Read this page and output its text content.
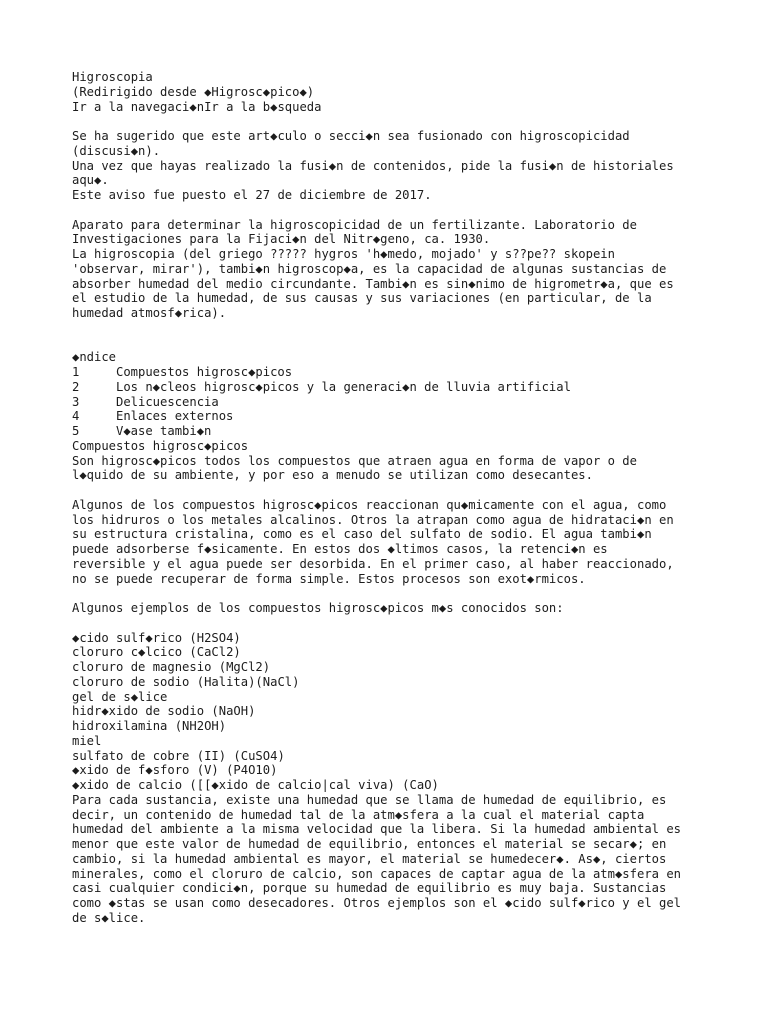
Higroscopia
(Redirigido desde ◆Higrosc◆pico◆)
Ir a la navegaci◆nIr a la b◆squeda
Se ha sugerido que este art◆culo o secci◆n sea fusionado con higroscopicidad
(discusi◆n).
Una vez que hayas realizado la fusi◆n de contenidos, pide la fusi◆n de historiales
aqu◆.
Este aviso fue puesto el 27 de diciembre de 2017.
Aparato para determinar la higroscopicidad de un fertilizante. Laboratorio de
Investigaciones para la Fijaci◆n del Nitr◆geno, ca. 1930.
La higroscopia (del griego ????? hygros 'h◆medo, mojado' y s??pe?? skopein
'observar, mirar'), tambi◆n higroscop◆a, es la capacidad de algunas sustancias de
absorber humedad del medio circundante. Tambi◆n es sin◆nimo de higrometr◆a, que es
el estudio de la humedad, de sus causas y sus variaciones (en particular, de la
humedad atmosf◆rica).
◆ndice
1	Compuestos higrosc◆picos
2	Los n◆cleos higrosc◆picos y la generaci◆n de lluvia artificial
3	Delicuescencia
4	Enlaces externos
5	V◆ase tambi◆n
Compuestos higrosc◆picos
Son higrosc◆picos todos los compuestos que atraen agua en forma de vapor o de
l◆quido de su ambiente, y por eso a menudo se utilizan como desecantes.
Algunos de los compuestos higrosc◆picos reaccionan qu◆micamente con el agua, como
los hidruros o los metales alcalinos. Otros la atrapan como agua de hidrataci◆n en
su estructura cristalina, como es el caso del sulfato de sodio. El agua tambi◆n
puede adsorberse f◆sicamente. En estos dos ◆ltimos casos, la retenci◆n es
reversible y el agua puede ser desorbida. En el primer caso, al haber reaccionado,
no se puede recuperar de forma simple. Estos procesos son exot◆rmicos.
Algunos ejemplos de los compuestos higrosc◆picos m◆s conocidos son:
◆cido sulf◆rico (H2SO4)
cloruro c◆lcico (CaCl2)
cloruro de magnesio (MgCl2)
cloruro de sodio (Halita)(NaCl)
gel de s◆lice
hidr◆xido de sodio (NaOH)
hidroxilamina (NH2OH)
miel
sulfato de cobre (II) (CuSO4)
◆xido de f◆sforo (V) (P4O10)
◆xido de calcio ([[◆xido de calcio|cal viva) (CaO)
Para cada sustancia, existe una humedad que se llama de humedad de equilibrio, es
decir, un contenido de humedad tal de la atm◆sfera a la cual el material capta
humedad del ambiente a la misma velocidad que la libera. Si la humedad ambiental es
menor que este valor de humedad de equilibrio, entonces el material se secar◆; en
cambio, si la humedad ambiental es mayor, el material se humedecer◆. As◆, ciertos
minerales, como el cloruro de calcio, son capaces de captar agua de la atm◆sfera en
casi cualquier condici◆n, porque su humedad de equilibrio es muy baja. Sustancias
como ◆stas se usan como desecadores. Otros ejemplos son el ◆cido sulf◆rico y el gel
de s◆lice.
